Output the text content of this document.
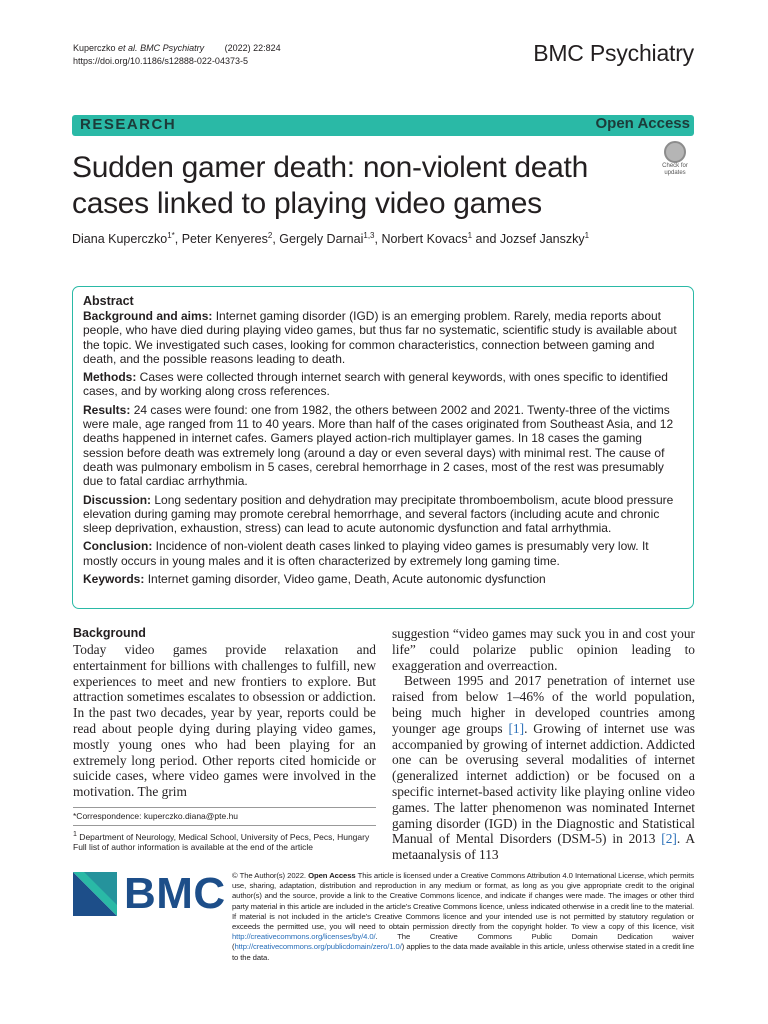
Kuperczko et al. BMC Psychiatry (2022) 22:824
https://doi.org/10.1186/s12888-022-04373-5	BMC Psychiatry
RESEARCH	Open Access
Sudden gamer death: non-violent death cases linked to playing video games
Check for
updates
Diana Kuperczko$^{1*}$, Peter Kenyeres$^2$, Gergely Darnai$^{1,3}$, Norbert Kovacs$^1$ and Jozsef Janszky$^1$
Abstract

Background and aims: Internet gaming disorder (IGD) is an emerging problem. Rarely, media reports about people, who have died during playing video games, but thus far no systematic, scientific study is available about the topic. We investigated such cases, looking for common characteristics, connection between gaming and death, and the possible reasons leading to death.

Methods: Cases were collected through internet search with general keywords, with ones specific to identified cases, and by working along cross references.

Results: 24 cases were found: one from 1982, the others between 2002 and 2021. Twenty-three of the victims were male, age ranged from 11 to 40 years. More than half of the cases originated from Southeast Asia, and 12 deaths happened in internet cafes. Gamers played action-rich multiplayer games. In 18 cases the gaming session before death was extremely long (around a day or even several days) with minimal rest. The cause of death was pulmonary embolism in 5 cases, cerebral hemorrhage in 2 cases, most of the rest was presumably due to fatal cardiac arrhythmia.

Discussion: Long sedentary position and dehydration may precipitate thromboembolism, acute blood pressure elevation during gaming may promote cerebral hemorrhage, and several factors (including acute and chronic sleep deprivation, exhaustion, stress) can lead to acute autonomic dysfunction and fatal arrhythmia.

Conclusion: Incidence of non-violent death cases linked to playing video games is presumably very low. It mostly occurs in young males and it is often characterized by extremely long gaming time.

Keywords: Internet gaming disorder, Video game, Death, Acute autonomic dysfunction

Background

Today video games provide relaxation and entertainment for billions with challenges to fulfill, new experiences to meet and new frontiers to explore. But attraction sometimes escalates to obsession or addiction. In the past two decades, year by year, reports could be read about people dying during playing video games, mostly young ones who had been playing for an extremely long period. Other reports cited homicide or suicide cases, where video games were involved in the motivation. The grim

suggestion “video games may suck you in and cost your life” could polarize public opinion leading to exaggeration and overreaction.

Between 1995 and 2017 penetration of internet use raised from below 1–46% of the world population, being much higher in developed countries among younger age groups [1]. Growing of internet use was accompanied by growing of internet addiction. Addicted one can be overusing several modalities of internet (generalized internet addiction) or be focused on a specific internet-based activity like playing online video games. The latter phenomenon was nominated Internet gaming disorder (IGD) in the Diagnostic and Statistical Manual of Mental Disorders (DSM-5) in 2013 [2]. A metaanalysis of 113

*Correspondence: kuperczko.diana@pte.hu
$^1$ Department of Neurology, Medical School, University of Pecs, Pecs, Hungary
Full list of author information is available at the end of the article
BMC © The Author(s) 2022. Open Access This article is licensed under a Creative Commons Attribution 4.0 International License, which permits use, sharing, adaptation, distribution and reproduction in any medium or format, as long as you give appropriate credit to the original author(s) and the source, provide a link to the Creative Commons licence, and indicate if changes were made. The images or other third party material in this article are included in the article’s Creative Commons licence, unless indicated otherwise in a credit line to the material. If material is not included in the article’s Creative Commons licence and your intended use is not permitted by statutory regulation or exceeds the permitted use, you will need to obtain permission directly from the copyright holder. To view a copy of this licence, visit http://creativecommons.org/licenses/by/4.0/. The Creative Commons Public Domain Dedication waiver (http://creativecommons.org/publicdomain/zero/1.0/) applies to the data made available in this article, unless otherwise stated in a credit line to the data.
